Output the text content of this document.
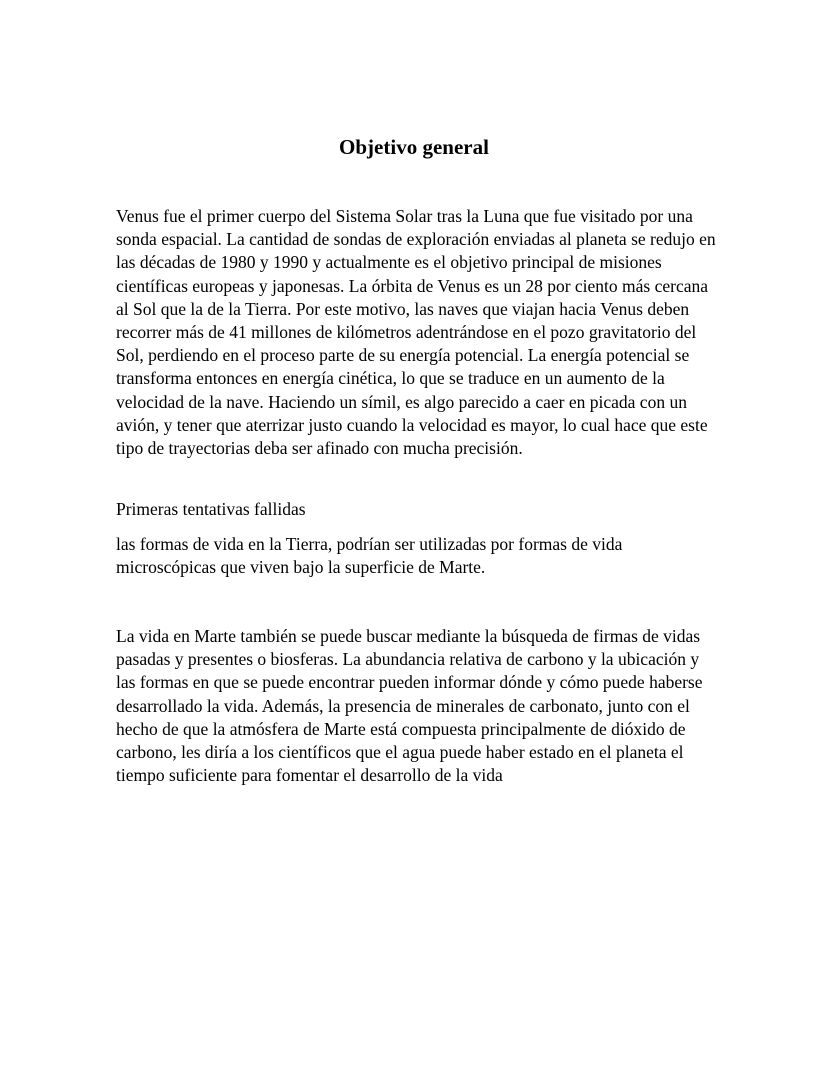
Objetivo general

Venus fue el primer cuerpo del Sistema Solar tras la Luna que fue visitado por una sonda espacial. La cantidad de sondas de exploración enviadas al planeta se redujo en las décadas de 1980 y 1990 y actualmente es el objetivo principal de misiones científicas europeas y japonesas. La órbita de Venus es un 28 por ciento más cercana al Sol que la de la Tierra. Por este motivo, las naves que viajan hacia Venus deben recorrer más de 41 millones de kilómetros adentrándose en el pozo gravitatorio del Sol, perdiendo en el proceso parte de su energía potencial. La energía potencial se transforma entonces en energía cinética, lo que se traduce en un aumento de la velocidad de la nave. Haciendo un símil, es algo parecido a caer en picada con un avión, y tener que aterrizar justo cuando la velocidad es mayor, lo cual hace que este tipo de trayectorias deba ser afinado con mucha precisión.

Primeras tentativas fallidas

las formas de vida en la Tierra, podrían ser utilizadas por formas de vida microscópicas que viven bajo la superficie de Marte.

La vida en Marte también se puede buscar mediante la búsqueda de firmas de vidas pasadas y presentes o biosferas. La abundancia relativa de carbono y la ubicación y las formas en que se puede encontrar pueden informar dónde y cómo puede haberse desarrollado la vida. Además, la presencia de minerales de carbonato, junto con el hecho de que la atmósfera de Marte está compuesta principalmente de dióxido de carbono, les diría a los científicos que el agua puede haber estado en el planeta el tiempo suficiente para fomentar el desarrollo de la vida
